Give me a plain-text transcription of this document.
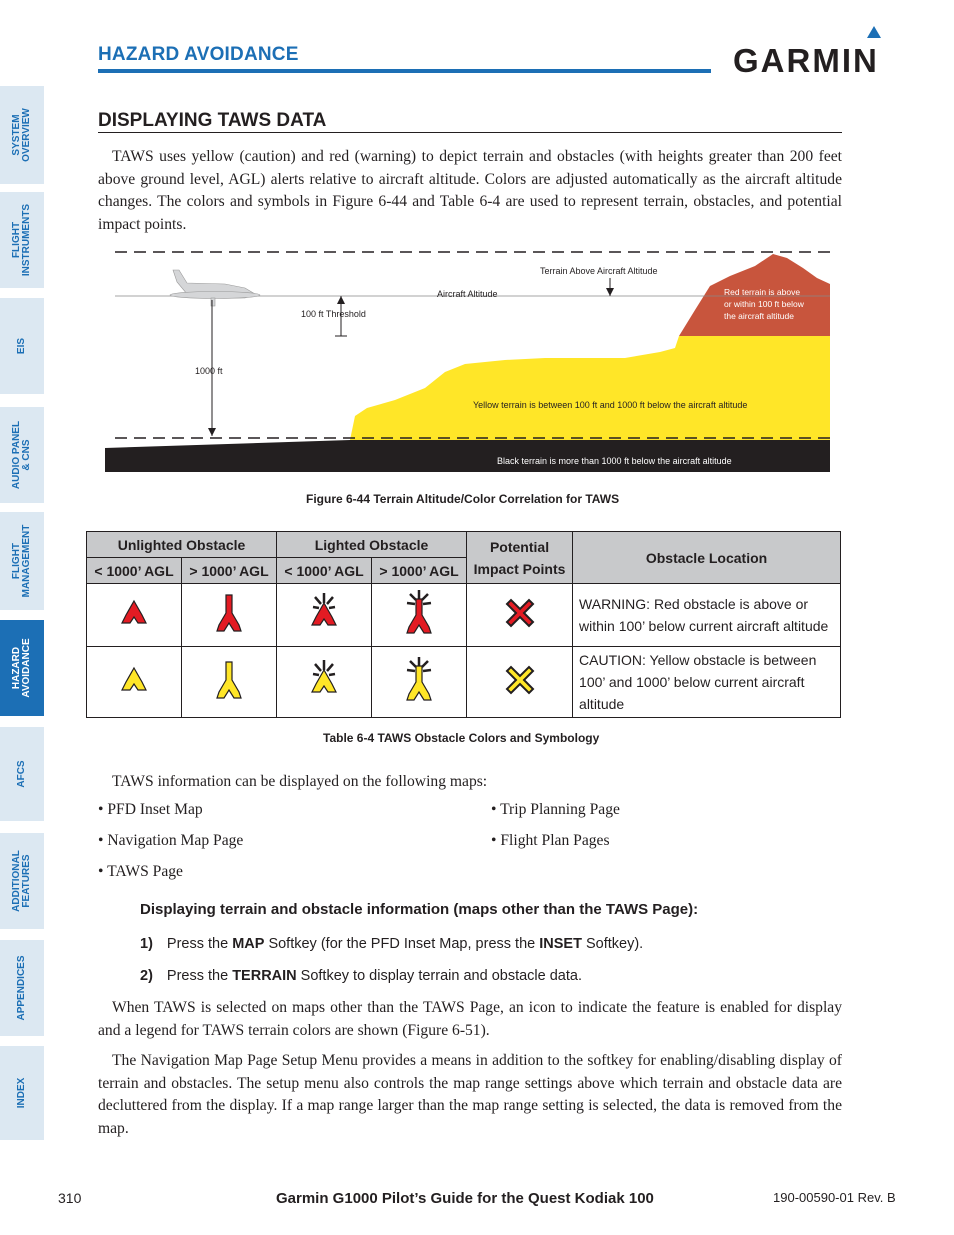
SYSTEM OVERVIEW
FLIGHT INSTRUMENTS
EIS
AUDIO PANEL & CNS
FLIGHT MANAGEMENT
HAZARD AVOIDANCE
AFCS
ADDITIONAL FEATURES
APPENDICES
INDEX
HAZARD AVOIDANCE	GARMIN
DISPLAYING TAWS DATA
TAWS uses yellow (caution) and red (warning) to depict terrain and obstacles (with heights greater than 200 feet above ground level, AGL) alerts relative to aircraft altitude. Colors are adjusted automatically as the aircraft altitude changes. The colors and symbols in Figure 6-44 and Table 6-4 are used to represent terrain, obstacles, and potential impact points.
Terrain Above Aircraft Altitude
Aircraft Altitude
100 ft Threshold
1000 ft
Red terrain is above
or within 100 ft below
the aircraft altitude
Yellow terrain is between 100 ft and 1000 ft below the aircraft altitude
Black terrain is more than 1000 ft below the aircraft altitude
Figure 6-44 Terrain Altitude/Color Correlation for TAWS
Unlighted Obstacle		Lighted Obstacle		Potential Impact Points	Obstacle Location
< 1000’ AGL	> 1000’ AGL	< 1000’ AGL	> 1000’ AGL		
					WARNING: Red obstacle is above or within 100’ below current aircraft altitude
					CAUTION: Yellow obstacle is between 100’ and 1000’ below current aircraft altitude
Table 6-4 TAWS Obstacle Colors and Symbology
TAWS information can be displayed on the following maps:
• PFD Inset Map
• Navigation Map Page
• TAWS Page
• Trip Planning Page
• Flight Plan Pages
Displaying terrain and obstacle information (maps other than the TAWS Page):
1) Press the MAP Softkey (for the PFD Inset Map, press the INSET Softkey).
2) Press the TERRAIN Softkey to display terrain and obstacle data.
When TAWS is selected on maps other than the TAWS Page, an icon to indicate the feature is enabled for display and a legend for TAWS terrain colors are shown (Figure 6-51).
The Navigation Map Page Setup Menu provides a means in addition to the softkey for enabling/disabling display of terrain and obstacles. The setup menu also controls the map range settings above which terrain and obstacle data are decluttered from the display. If a map range larger than the map range setting is selected, the data is removed from the map.
310	Garmin G1000 Pilot’s Guide for the Quest Kodiak 100	190-00590-01 Rev. B
